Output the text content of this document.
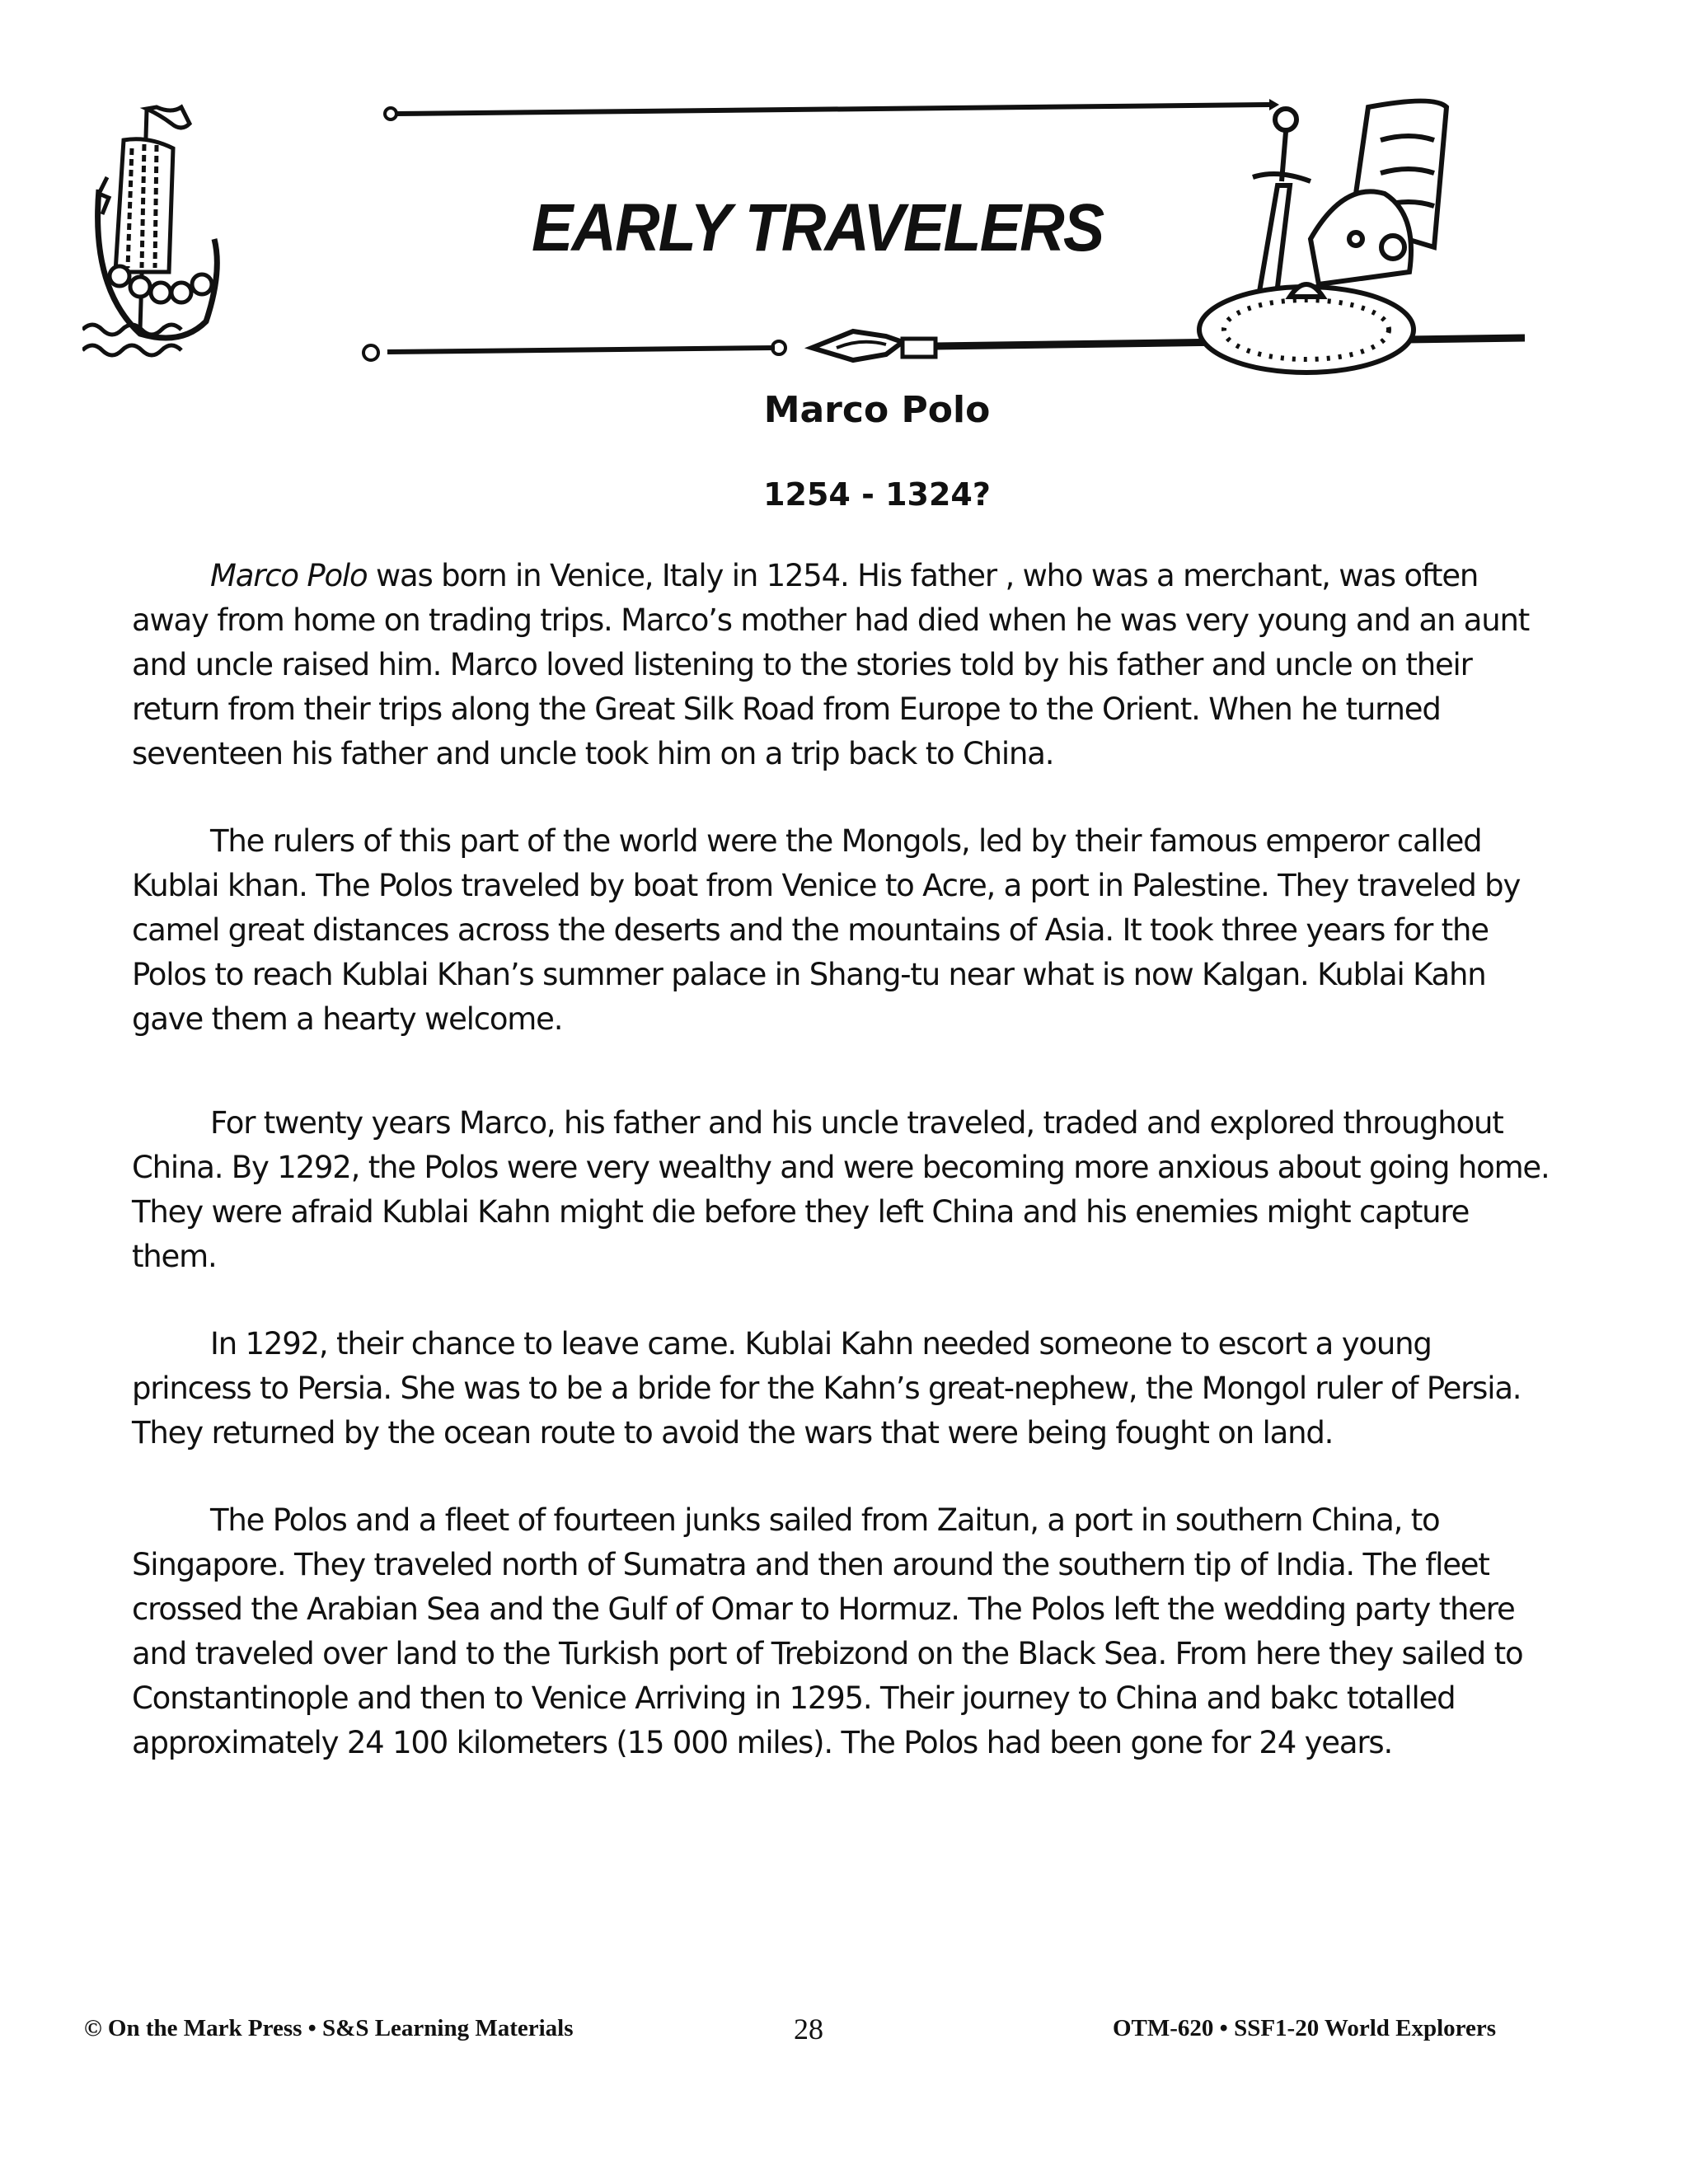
EARLY TRAVELERS
Marco Polo
1254 - 1324?

Marco Polo was born in Venice, Italy in 1254. His father , who was a merchant, was often away from home on trading trips. Marco’s mother had died when he was very young and an aunt and uncle raised him. Marco loved listening to the stories told by his father and uncle on their return from their trips along the Great Silk Road from Europe to the Orient. When he turned seventeen his father and uncle took him on a trip back to China.

The rulers of this part of the world were the Mongols, led by their famous emperor called Kublai khan. The Polos traveled by boat from Venice to Acre, a port in Palestine. They traveled by camel great distances across the deserts and the mountains of Asia. It took three years for the Polos to reach Kublai Khan’s summer palace in Shang-tu near what is now Kalgan. Kublai Kahn gave them a hearty welcome.

For twenty years Marco, his father and his uncle traveled, traded and explored throughout China. By 1292, the Polos were very wealthy and were becoming more anxious about going home. They were afraid Kublai Kahn might die before they left China and his enemies might capture them.

In 1292, their chance to leave came. Kublai Kahn needed someone to escort a young princess to Persia. She was to be a bride for the Kahn’s great-nephew, the Mongol ruler of Persia. They returned by the ocean route to avoid the wars that were being fought on land.

The Polos and a fleet of fourteen junks sailed from Zaitun, a port in southern China, to Singapore. They traveled north of Sumatra and then around the southern tip of India. The fleet crossed the Arabian Sea and the Gulf of Omar to Hormuz. The Polos left the wedding party there and traveled over land to the Turkish port of Trebizond on the Black Sea. From here they sailed to Constantinople and then to Venice Arriving in 1295. Their journey to China and bakc totalled approximately 24 100 kilometers (15 000 miles). The Polos had been gone for 24 years.

© On the Mark Press • S&S Learning Materials	28	OTM-620 • SSF1-20 World Explorers
